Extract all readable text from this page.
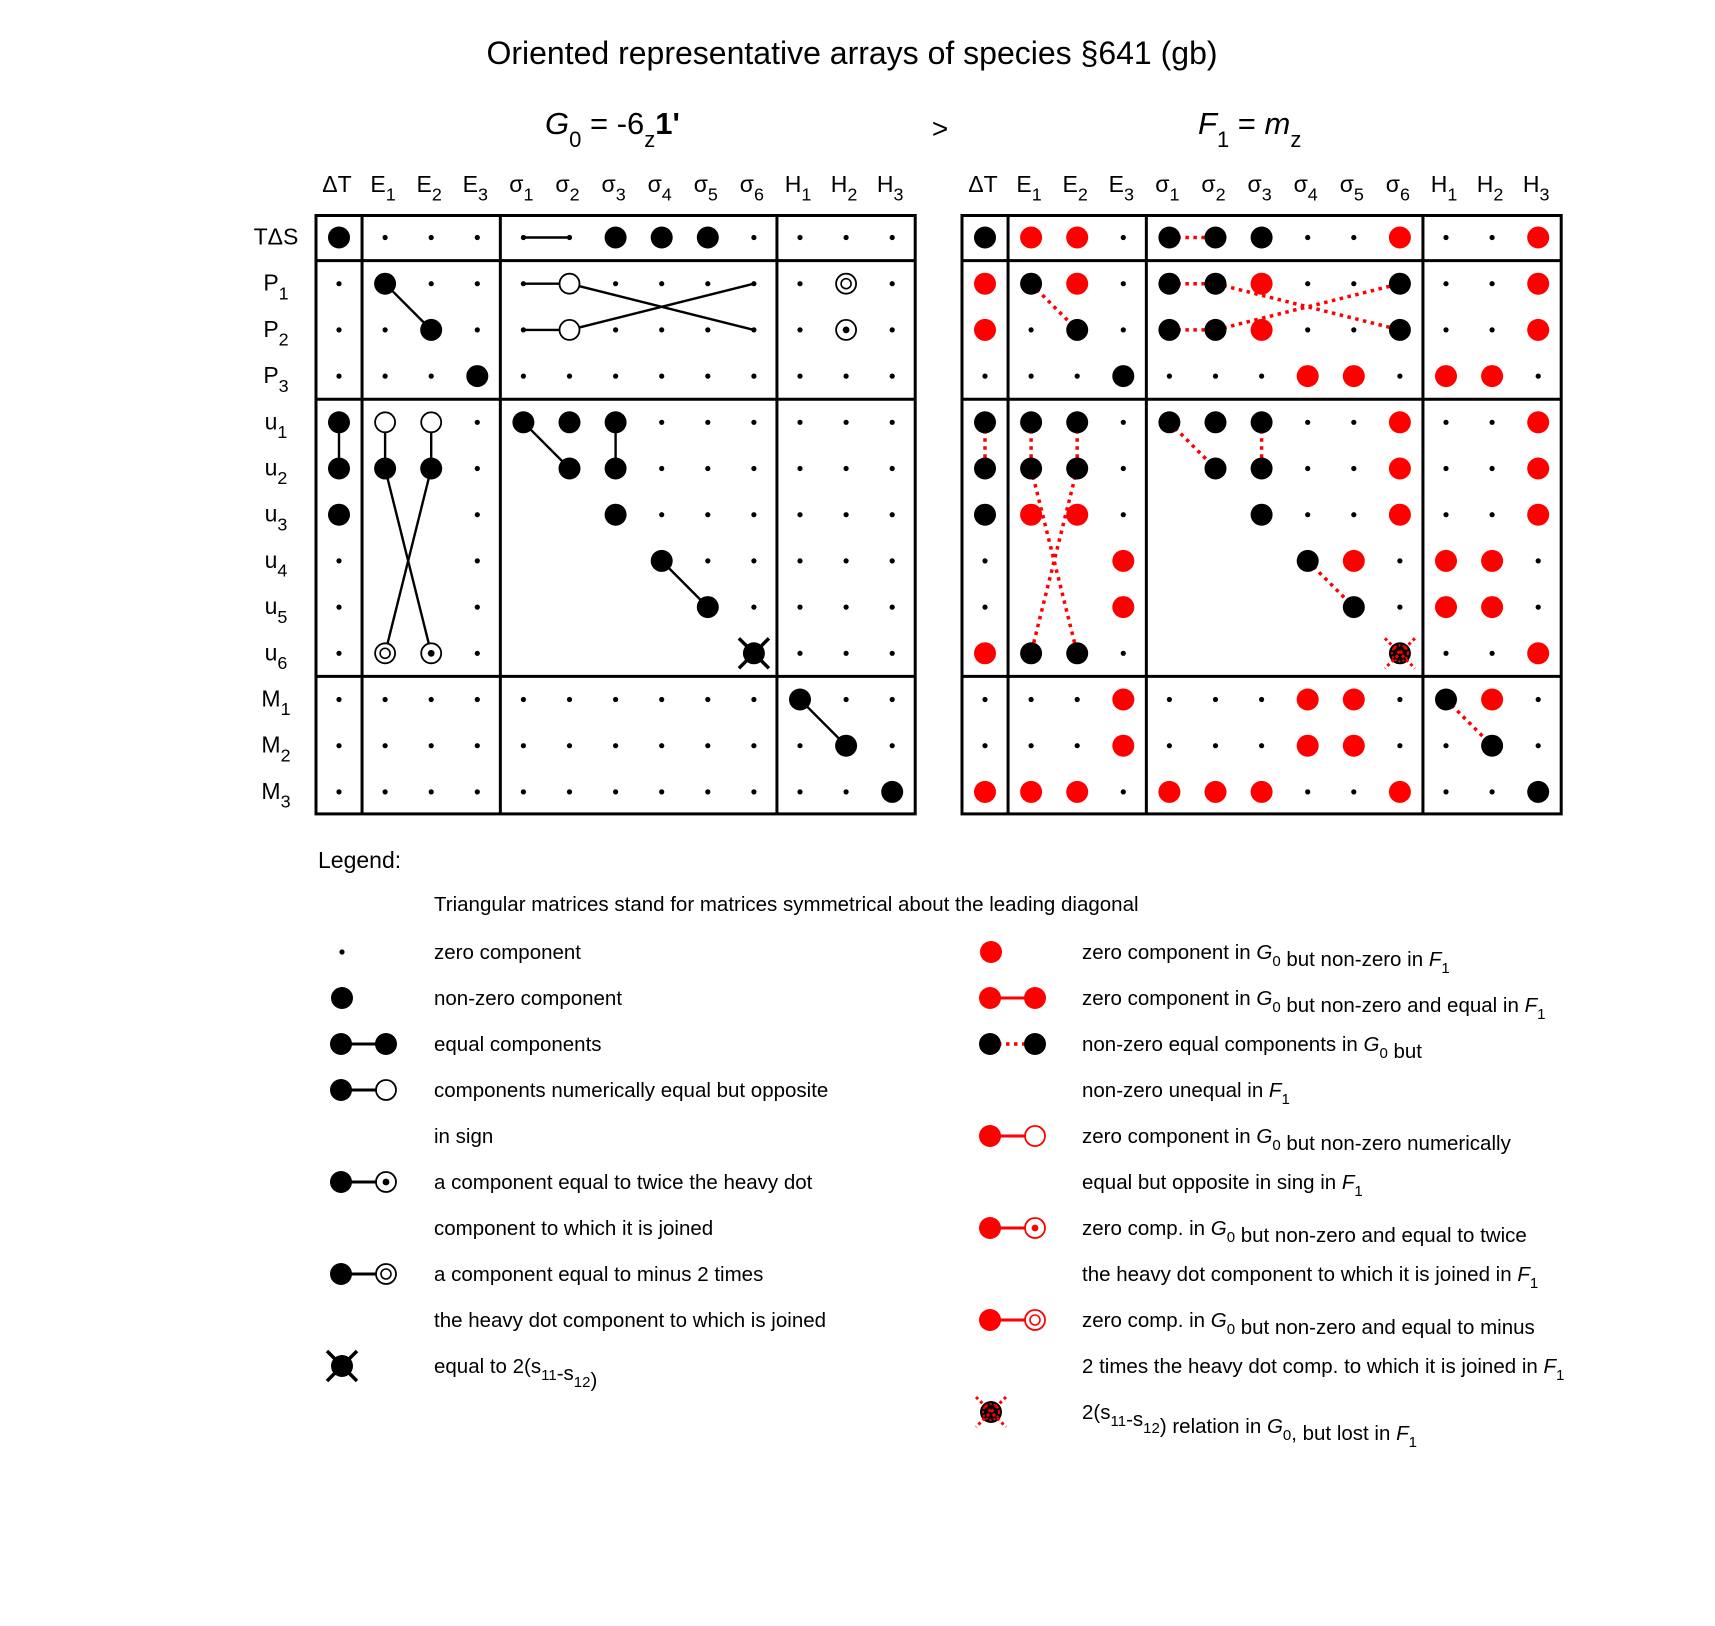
Oriented representative arrays of species §641 (gb)
$G_0 = -6_z1'$	$F_1 = m_z$
>
ΔT $E_1$ $E_2$ $E_3$ $\sigma_1$ $\sigma_2$ $\sigma_3$ $\sigma_4$ $\sigma_5$ $\sigma_6$ $H_1$ $H_2$ $H_3$
TΔS
$P_1$
$P_2$
$P_3$
$u_1$
$u_2$
$u_3$
$u_4$
$u_5$
$u_6$
$M_1$
$M_2$
$M_3$
ΔT $E_1$ $E_2$ $E_3$ $\sigma_1$ $\sigma_2$ $\sigma_3$ $\sigma_4$ $\sigma_5$ $\sigma_6$ $H_1$ $H_2$ $H_3$
Legend:
Triangular matrices stand for matrices symmetrical about the leading diagonal
zero component
non-zero component
equal components
components numerically equal but opposite
in sign
a component equal to twice the heavy dot
component to which it is joined
a component equal to minus 2 times
the heavy dot component to which is joined
equal to $2(s_{11}-s_{12})$
zero component in $G_0$ but non-zero in $F_1$
zero component in $G_0$ but non-zero and equal in $F_1$
non-zero equal components in $G_0$ but
non-zero unequal in $F_1$
zero component in $G_0$ but non-zero numerically
equal but opposite in sing in $F_1$
zero comp. in $G_0$ but non-zero and equal to twice
the heavy dot component to which it is joined in $F_1$
zero comp. in $G_0$ but non-zero and equal to minus
2 times the heavy dot comp. to which it is joined in $F_1$
$2(s_{11}-s_{12})$ relation in $G_0$, but lost in $F_1$
